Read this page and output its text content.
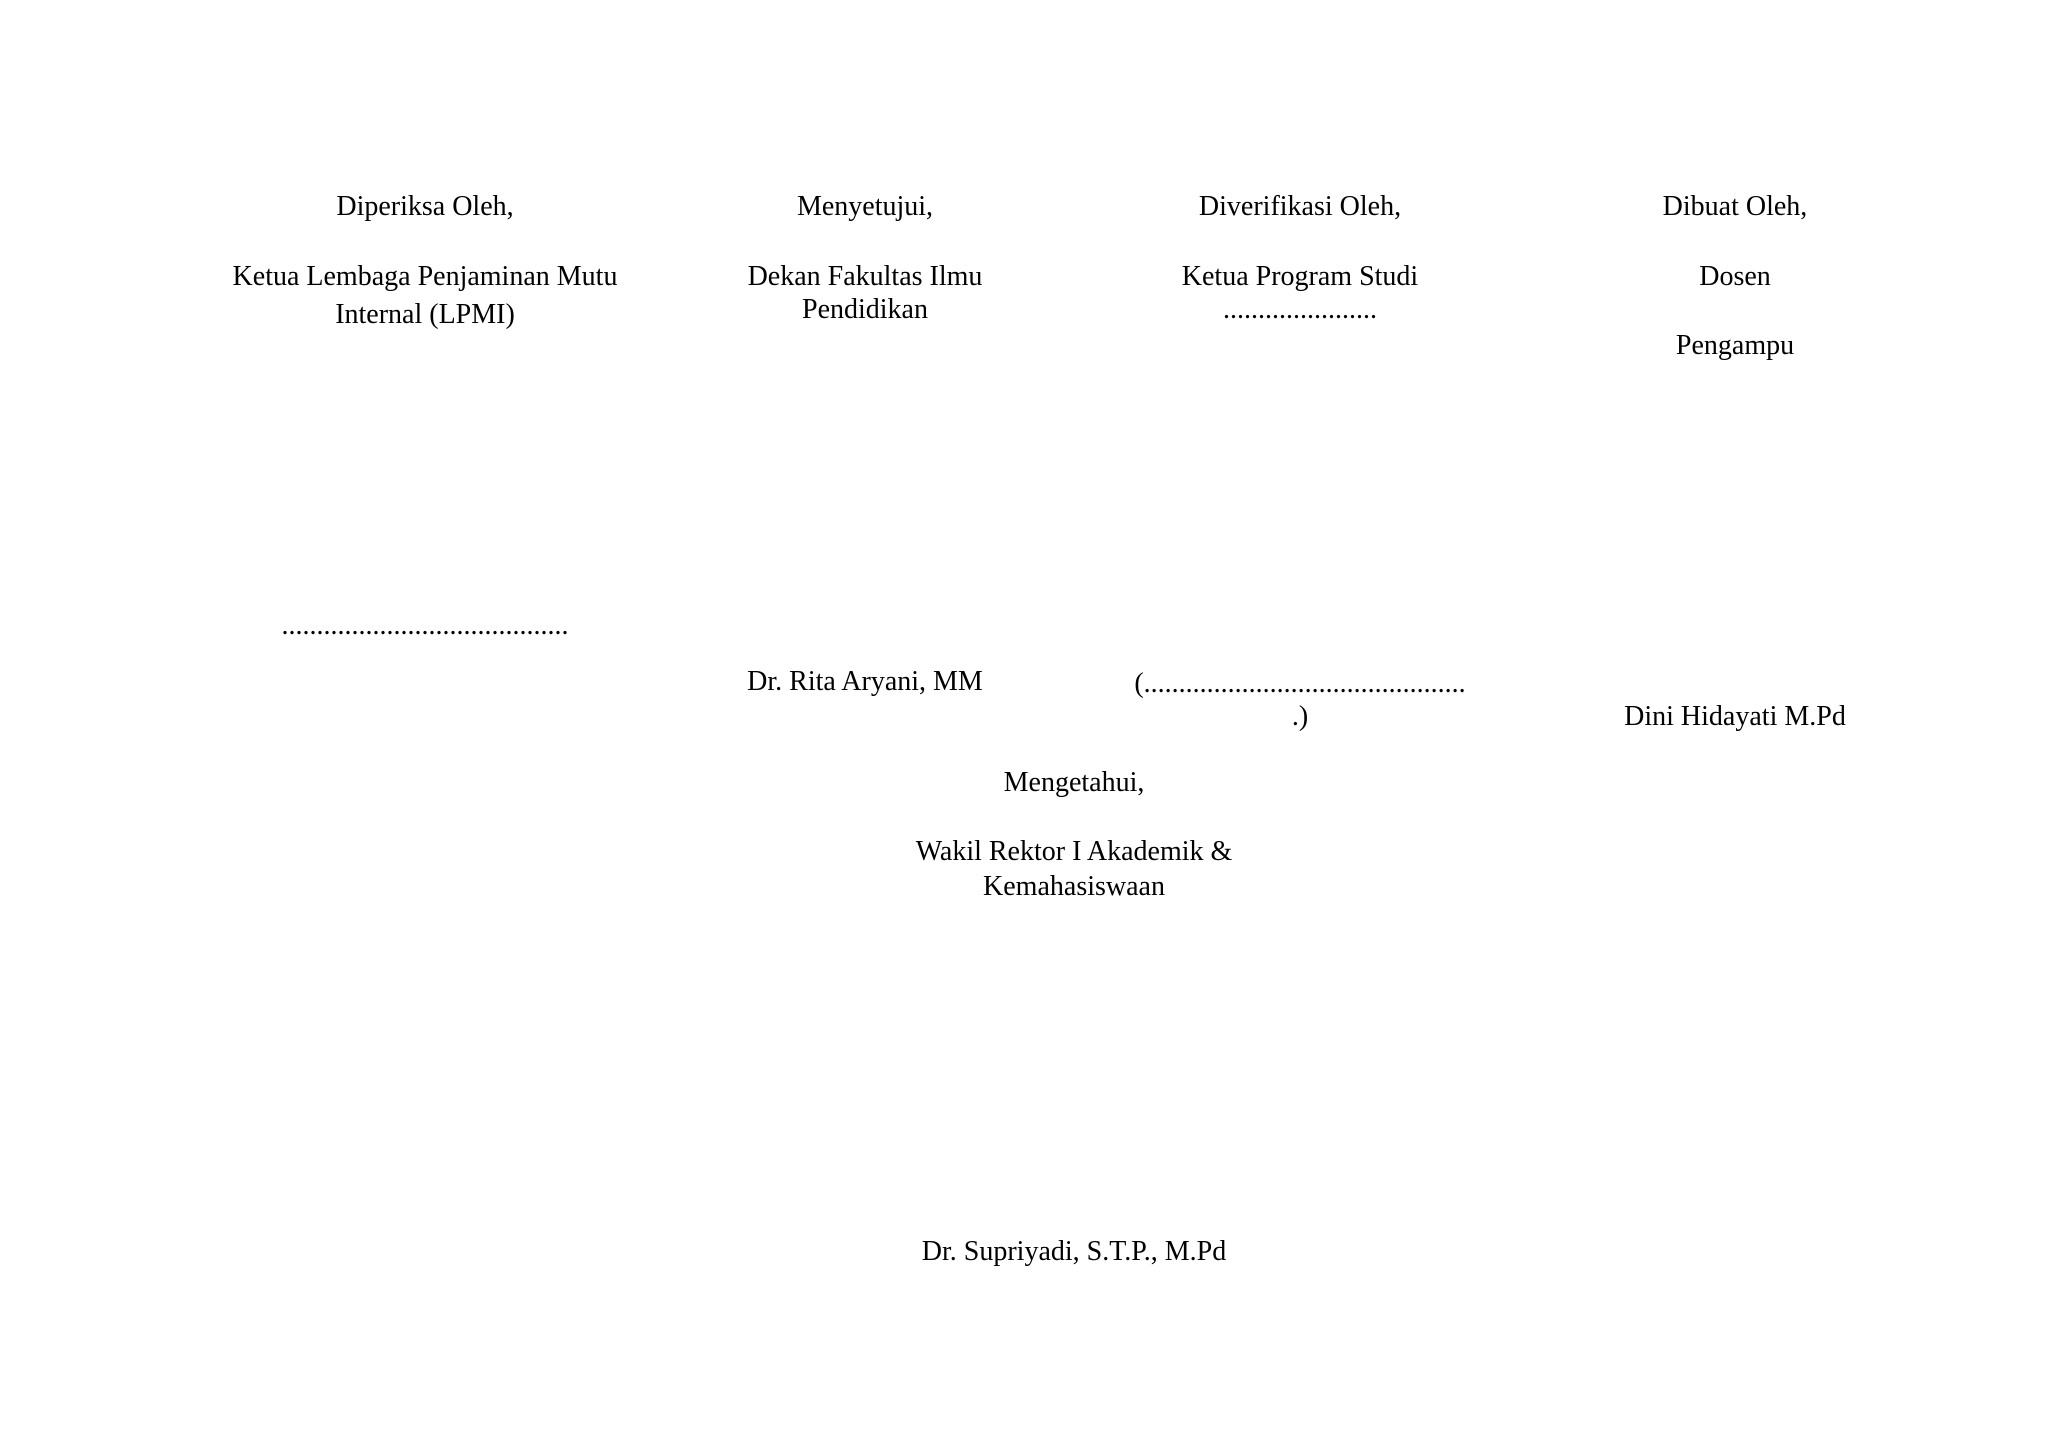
Diperiksa Oleh,
Ketua Lembaga Penjaminan Mutu
Internal (LPMI)
.........................................
Menyetujui,
Dekan Fakultas Ilmu
Pendidikan
Dr. Rita Aryani, MM
Diverifikasi Oleh,
Ketua Program Studi
......................
(..............................................
.)
Dibuat Oleh,
Dosen
Pengampu
Dini Hidayati M.Pd
Mengetahui,
Wakil Rektor I Akademik &
Kemahasiswaan
Dr. Supriyadi, S.T.P., M.Pd
